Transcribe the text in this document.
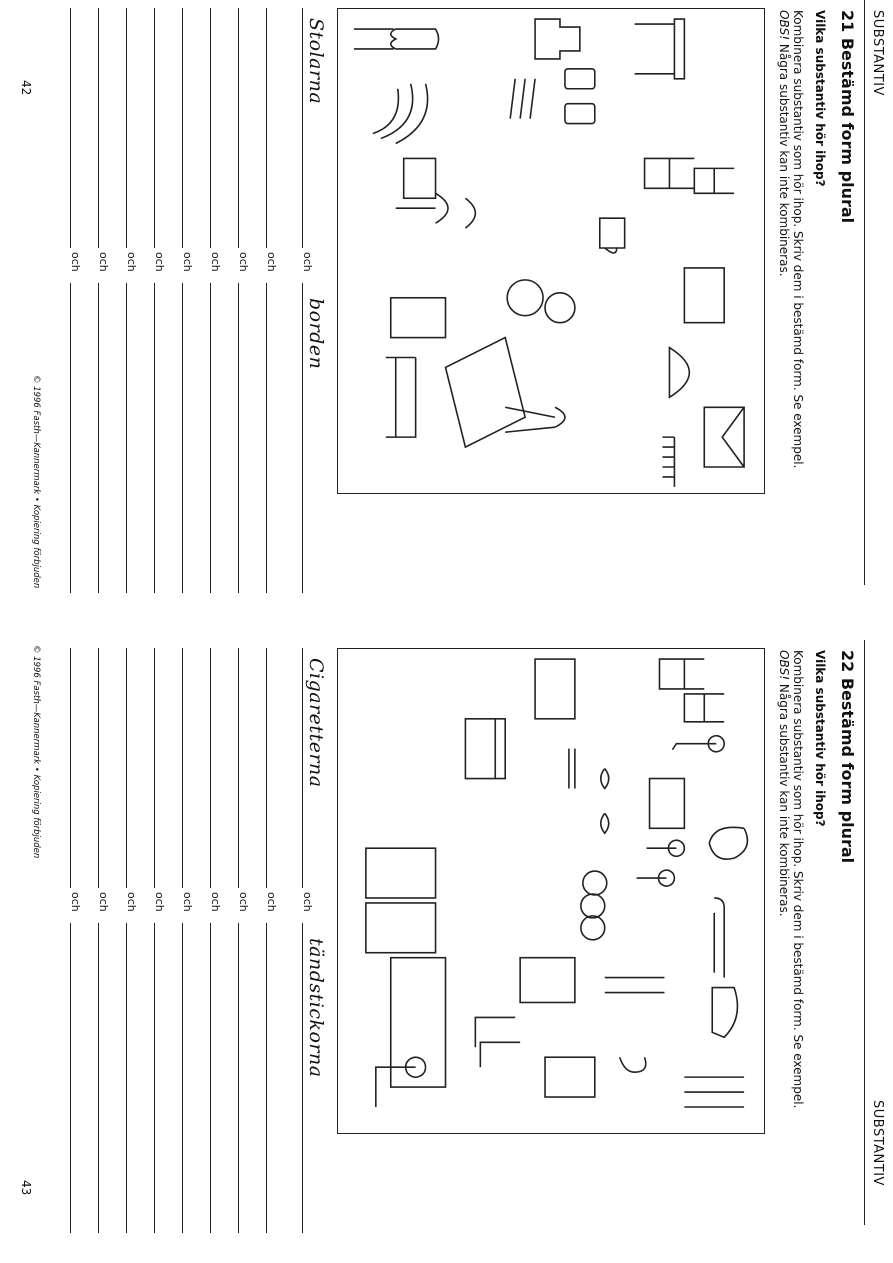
SUBSTANTIV
21 Bestämd form plural
Vilka substantiv hör ihop?
Kombinera substantiv som hör ihop. Skriv dem i bestämd form. Se exempel.
OBS! Några substantiv kan inte kombineras.
Stolarna
och
borden
och
och
och
och
och
och
och
och
42
© 1996 Fasth—Kannermark • Kopiering förbjuden
SUBSTANTIV
22 Bestämd form plural
Vilka substantiv hör ihop?
Kombinera substantiv som hör ihop. Skriv dem i bestämd form. Se exempel.
OBS! Några substantiv kan inte kombineras.
Cigaretterna
och
tändstickorna
och
och
och
och
och
och
och
och
43
© 1996 Fasth—Kannermark • Kopiering förbjuden
